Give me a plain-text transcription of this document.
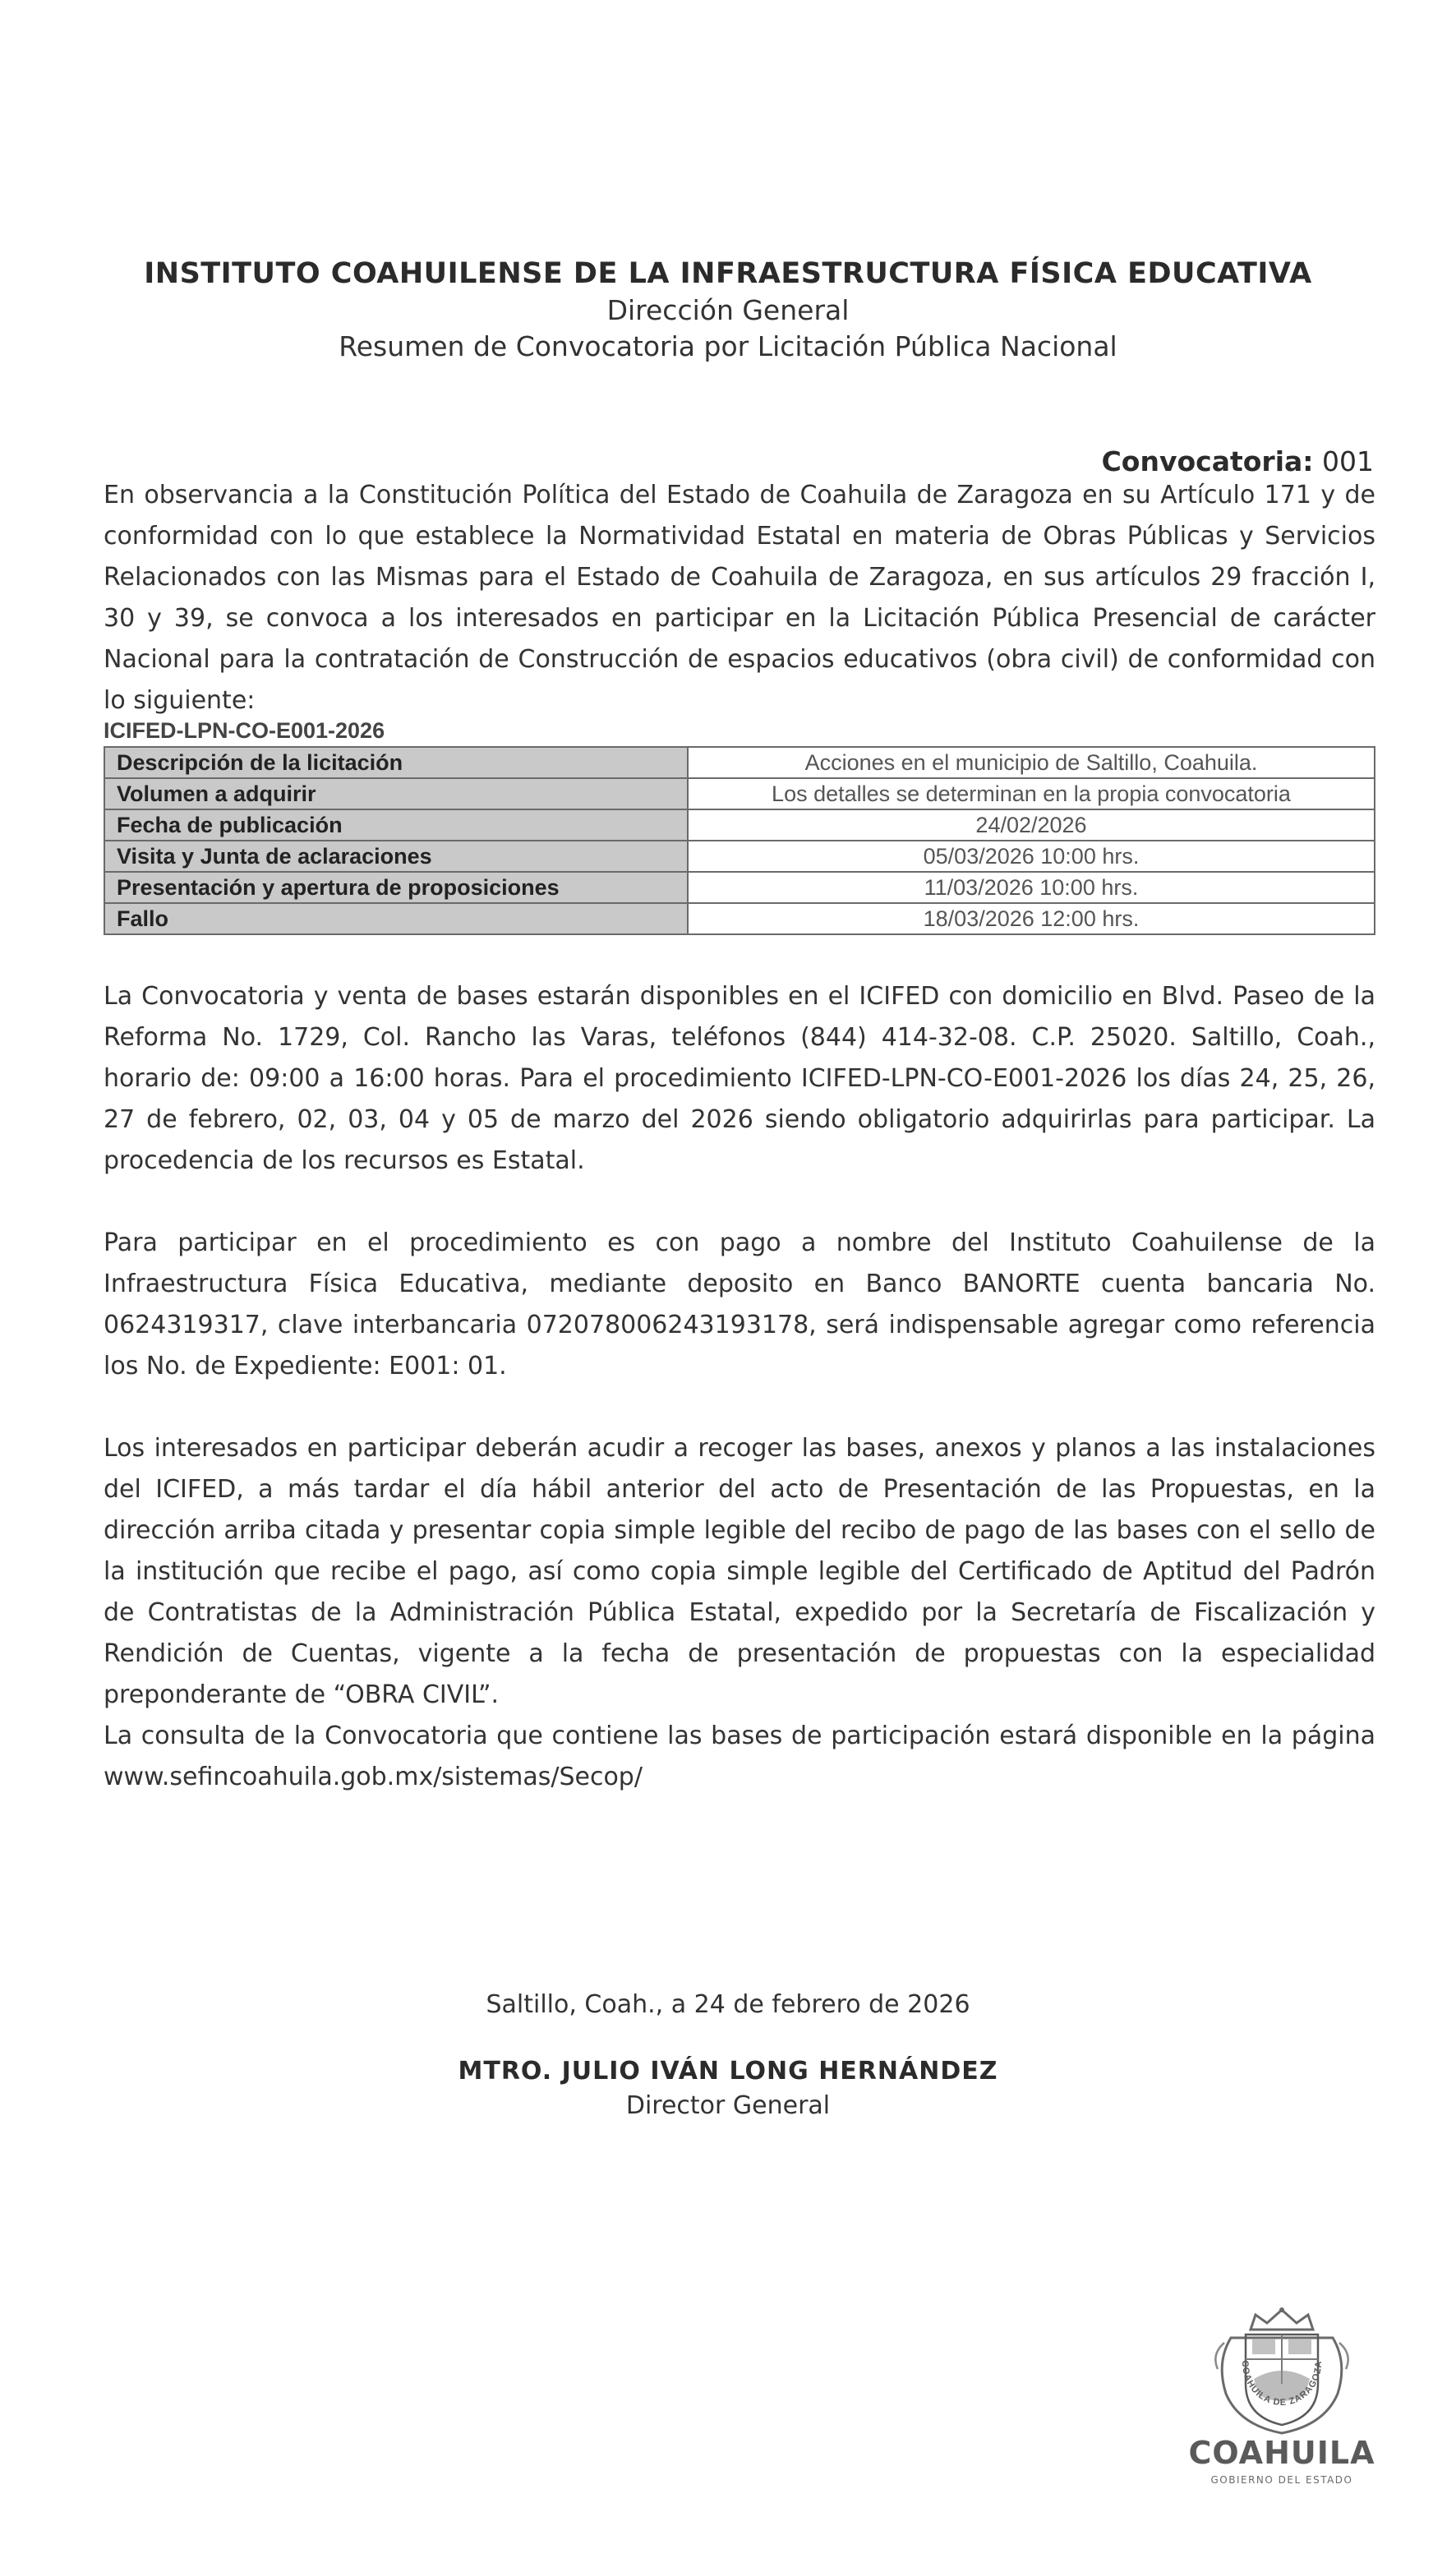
INSTITUTO COAHUILENSE DE LA INFRAESTRUCTURA FÍSICA EDUCATIVA
Dirección General
Resumen de Convocatoria por Licitación Pública Nacional
Convocatoria: 001
En observancia a la Constitución Política del Estado de Coahuila de Zaragoza en su Artículo 171 y de conformidad con lo que establece la Normatividad Estatal en materia de Obras Públicas y Servicios Relacionados con las Mismas para el Estado de Coahuila de Zaragoza, en sus artículos 29 fracción I, 30 y 39, se convoca a los interesados en participar en la Licitación Pública Presencial de carácter Nacional para la contratación de Construcción de espacios educativos (obra civil) de conformidad con lo siguiente:
ICIFED-LPN-CO-E001-2026
Descripción de la licitación	Acciones en el municipio de Saltillo, Coahuila.
Volumen a adquirir	Los detalles se determinan en la propia convocatoria
Fecha de publicación	24/02/2026
Visita y Junta de aclaraciones	05/03/2026 10:00 hrs.
Presentación y apertura de proposiciones	11/03/2026 10:00 hrs.
Fallo	18/03/2026 12:00 hrs.
La Convocatoria y venta de bases estarán disponibles en el ICIFED con domicilio en Blvd. Paseo de la Reforma No. 1729, Col. Rancho las Varas, teléfonos (844) 414-32-08. C.P. 25020. Saltillo, Coah., horario de: 09:00 a 16:00 horas. Para el procedimiento ICIFED-LPN-CO-E001-2026 los días 24, 25, 26, 27 de febrero, 02, 03, 04 y 05 de marzo del 2026 siendo obligatorio adquirirlas para participar. La procedencia de los recursos es Estatal.
Para participar en el procedimiento es con pago a nombre del Instituto Coahuilense de la Infraestructura Física Educativa, mediante deposito en Banco BANORTE cuenta bancaria No. 0624319317, clave interbancaria 072078006243193178, será indispensable agregar como referencia los No. de Expediente: E001: 01.
Los interesados en participar deberán acudir a recoger las bases, anexos y planos a las instalaciones del ICIFED, a más tardar el día hábil anterior del acto de Presentación de las Propuestas, en la dirección arriba citada y presentar copia simple legible del recibo de pago de las bases con el sello de la institución que recibe el pago, así como copia simple legible del Certificado de Aptitud del Padrón de Contratistas de la Administración Pública Estatal, expedido por la Secretaría de Fiscalización y Rendición de Cuentas, vigente a la fecha de presentación de propuestas con la especialidad preponderante de “OBRA CIVIL”.
La consulta de la Convocatoria que contiene las bases de participación estará disponible en la página www.sefincoahuila.gob.mx/sistemas/Secop/
Saltillo, Coah., a 24 de febrero de 2026
MTRO. JULIO IVÁN LONG HERNÁNDEZ
Director General
COAHUILA DE ZARAGOZA
COAHUILA
GOBIERNO DEL ESTADO
